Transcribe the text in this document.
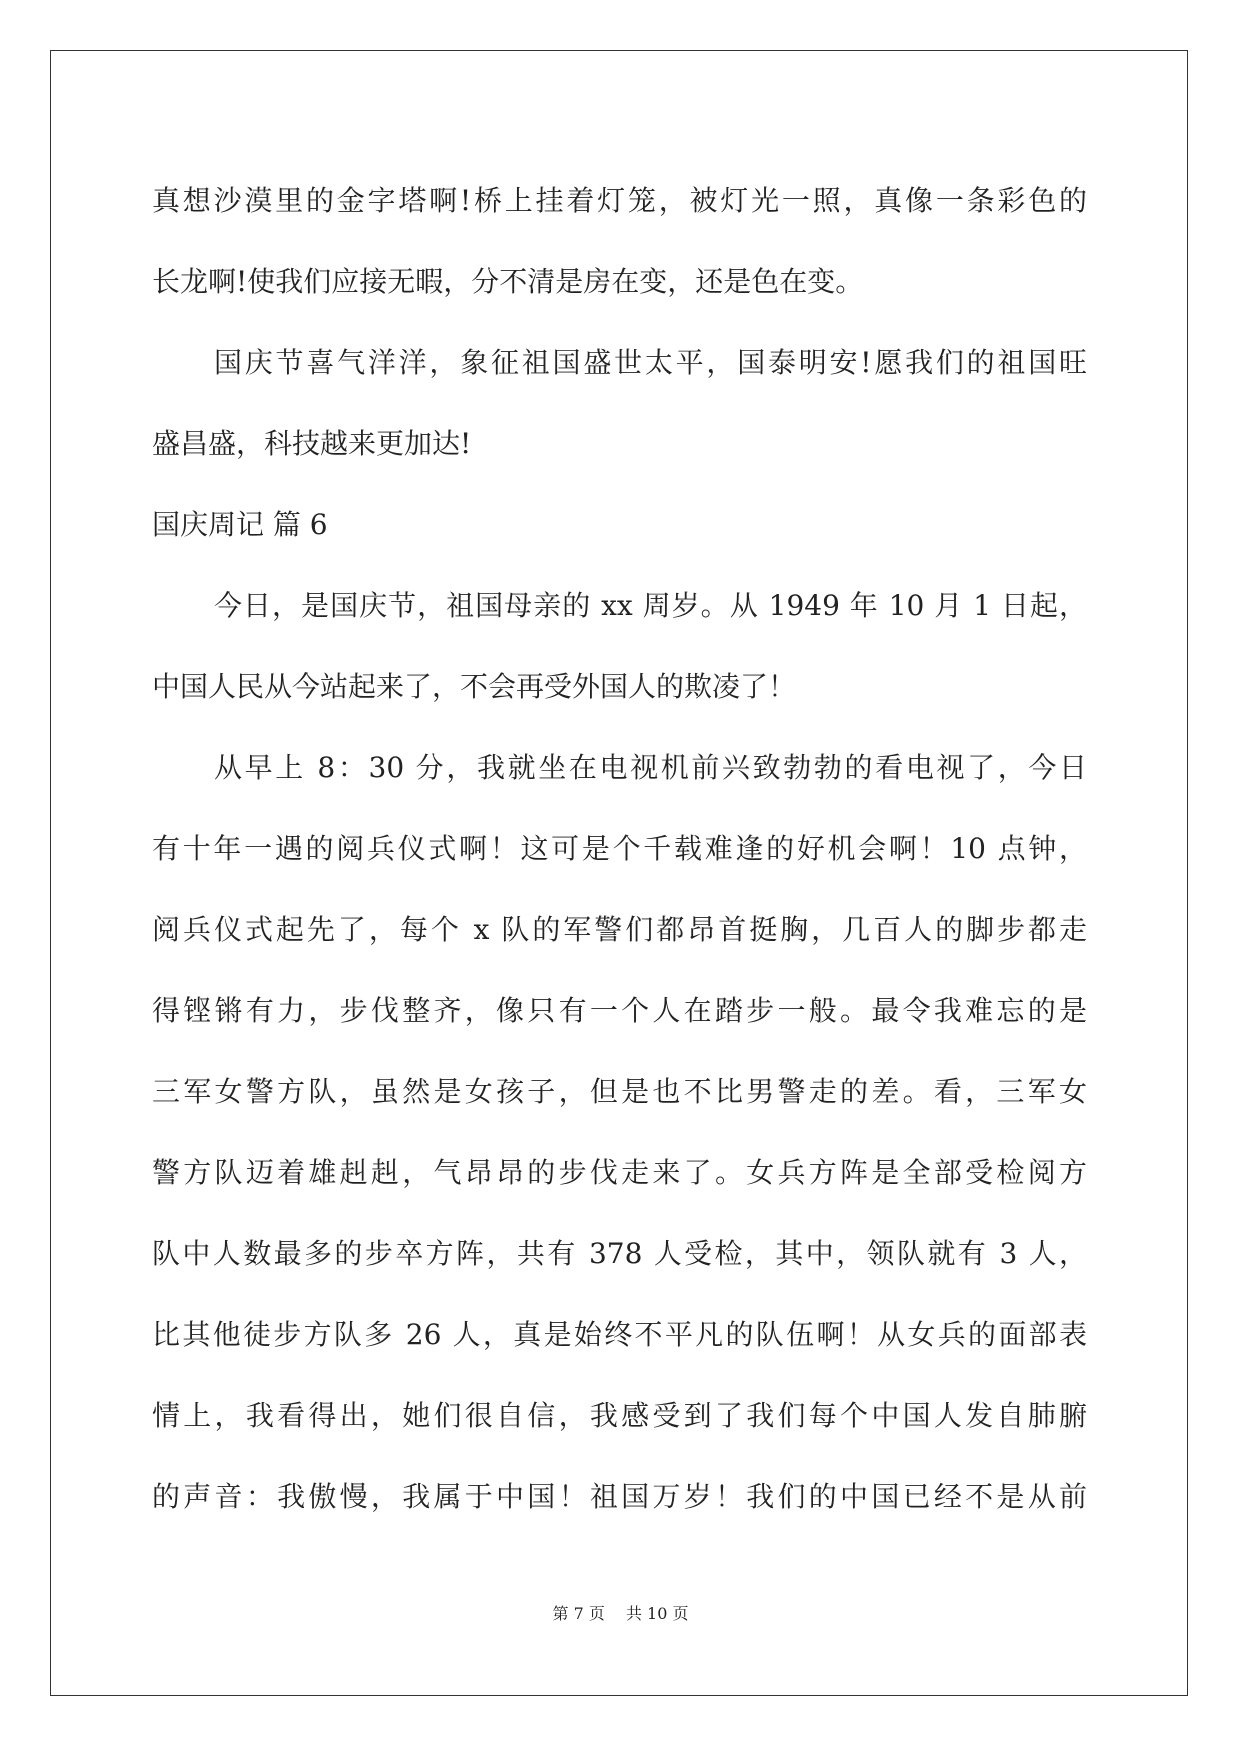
真想沙漠里的金字塔啊!桥上挂着灯笼，被灯光一照，真像一条彩色的
长龙啊!使我们应接无暇，分不清是房在变，还是色在变。
国庆节喜气洋洋，象征祖国盛世太平，国泰明安!愿我们的祖国旺
盛昌盛，科技越来更加达!
国庆周记 篇 6
今日，是国庆节，祖国母亲的 xx 周岁。从 1949 年 10 月 1 日起，
中国人民从今站起来了，不会再受外国人的欺凌了！
从早上 8：30 分，我就坐在电视机前兴致勃勃的看电视了，今日
有十年一遇的阅兵仪式啊！这可是个千载难逢的好机会啊！10 点钟，
阅兵仪式起先了，每个 x 队的军警们都昂首挺胸，几百人的脚步都走
得铿锵有力，步伐整齐，像只有一个人在踏步一般。最令我难忘的是
三军女警方队，虽然是女孩子，但是也不比男警走的差。看，三军女
警方队迈着雄赳赳，气昂昂的步伐走来了。女兵方阵是全部受检阅方
队中人数最多的步卒方阵，共有 378 人受检，其中，领队就有 3 人，
比其他徒步方队多 26 人，真是始终不平凡的队伍啊！从女兵的面部表
情上，我看得出，她们很自信，我感受到了我们每个中国人发自肺腑
的声音：我傲慢，我属于中国！祖国万岁！我们的中国已经不是从前
第 7 页 共 10 页
